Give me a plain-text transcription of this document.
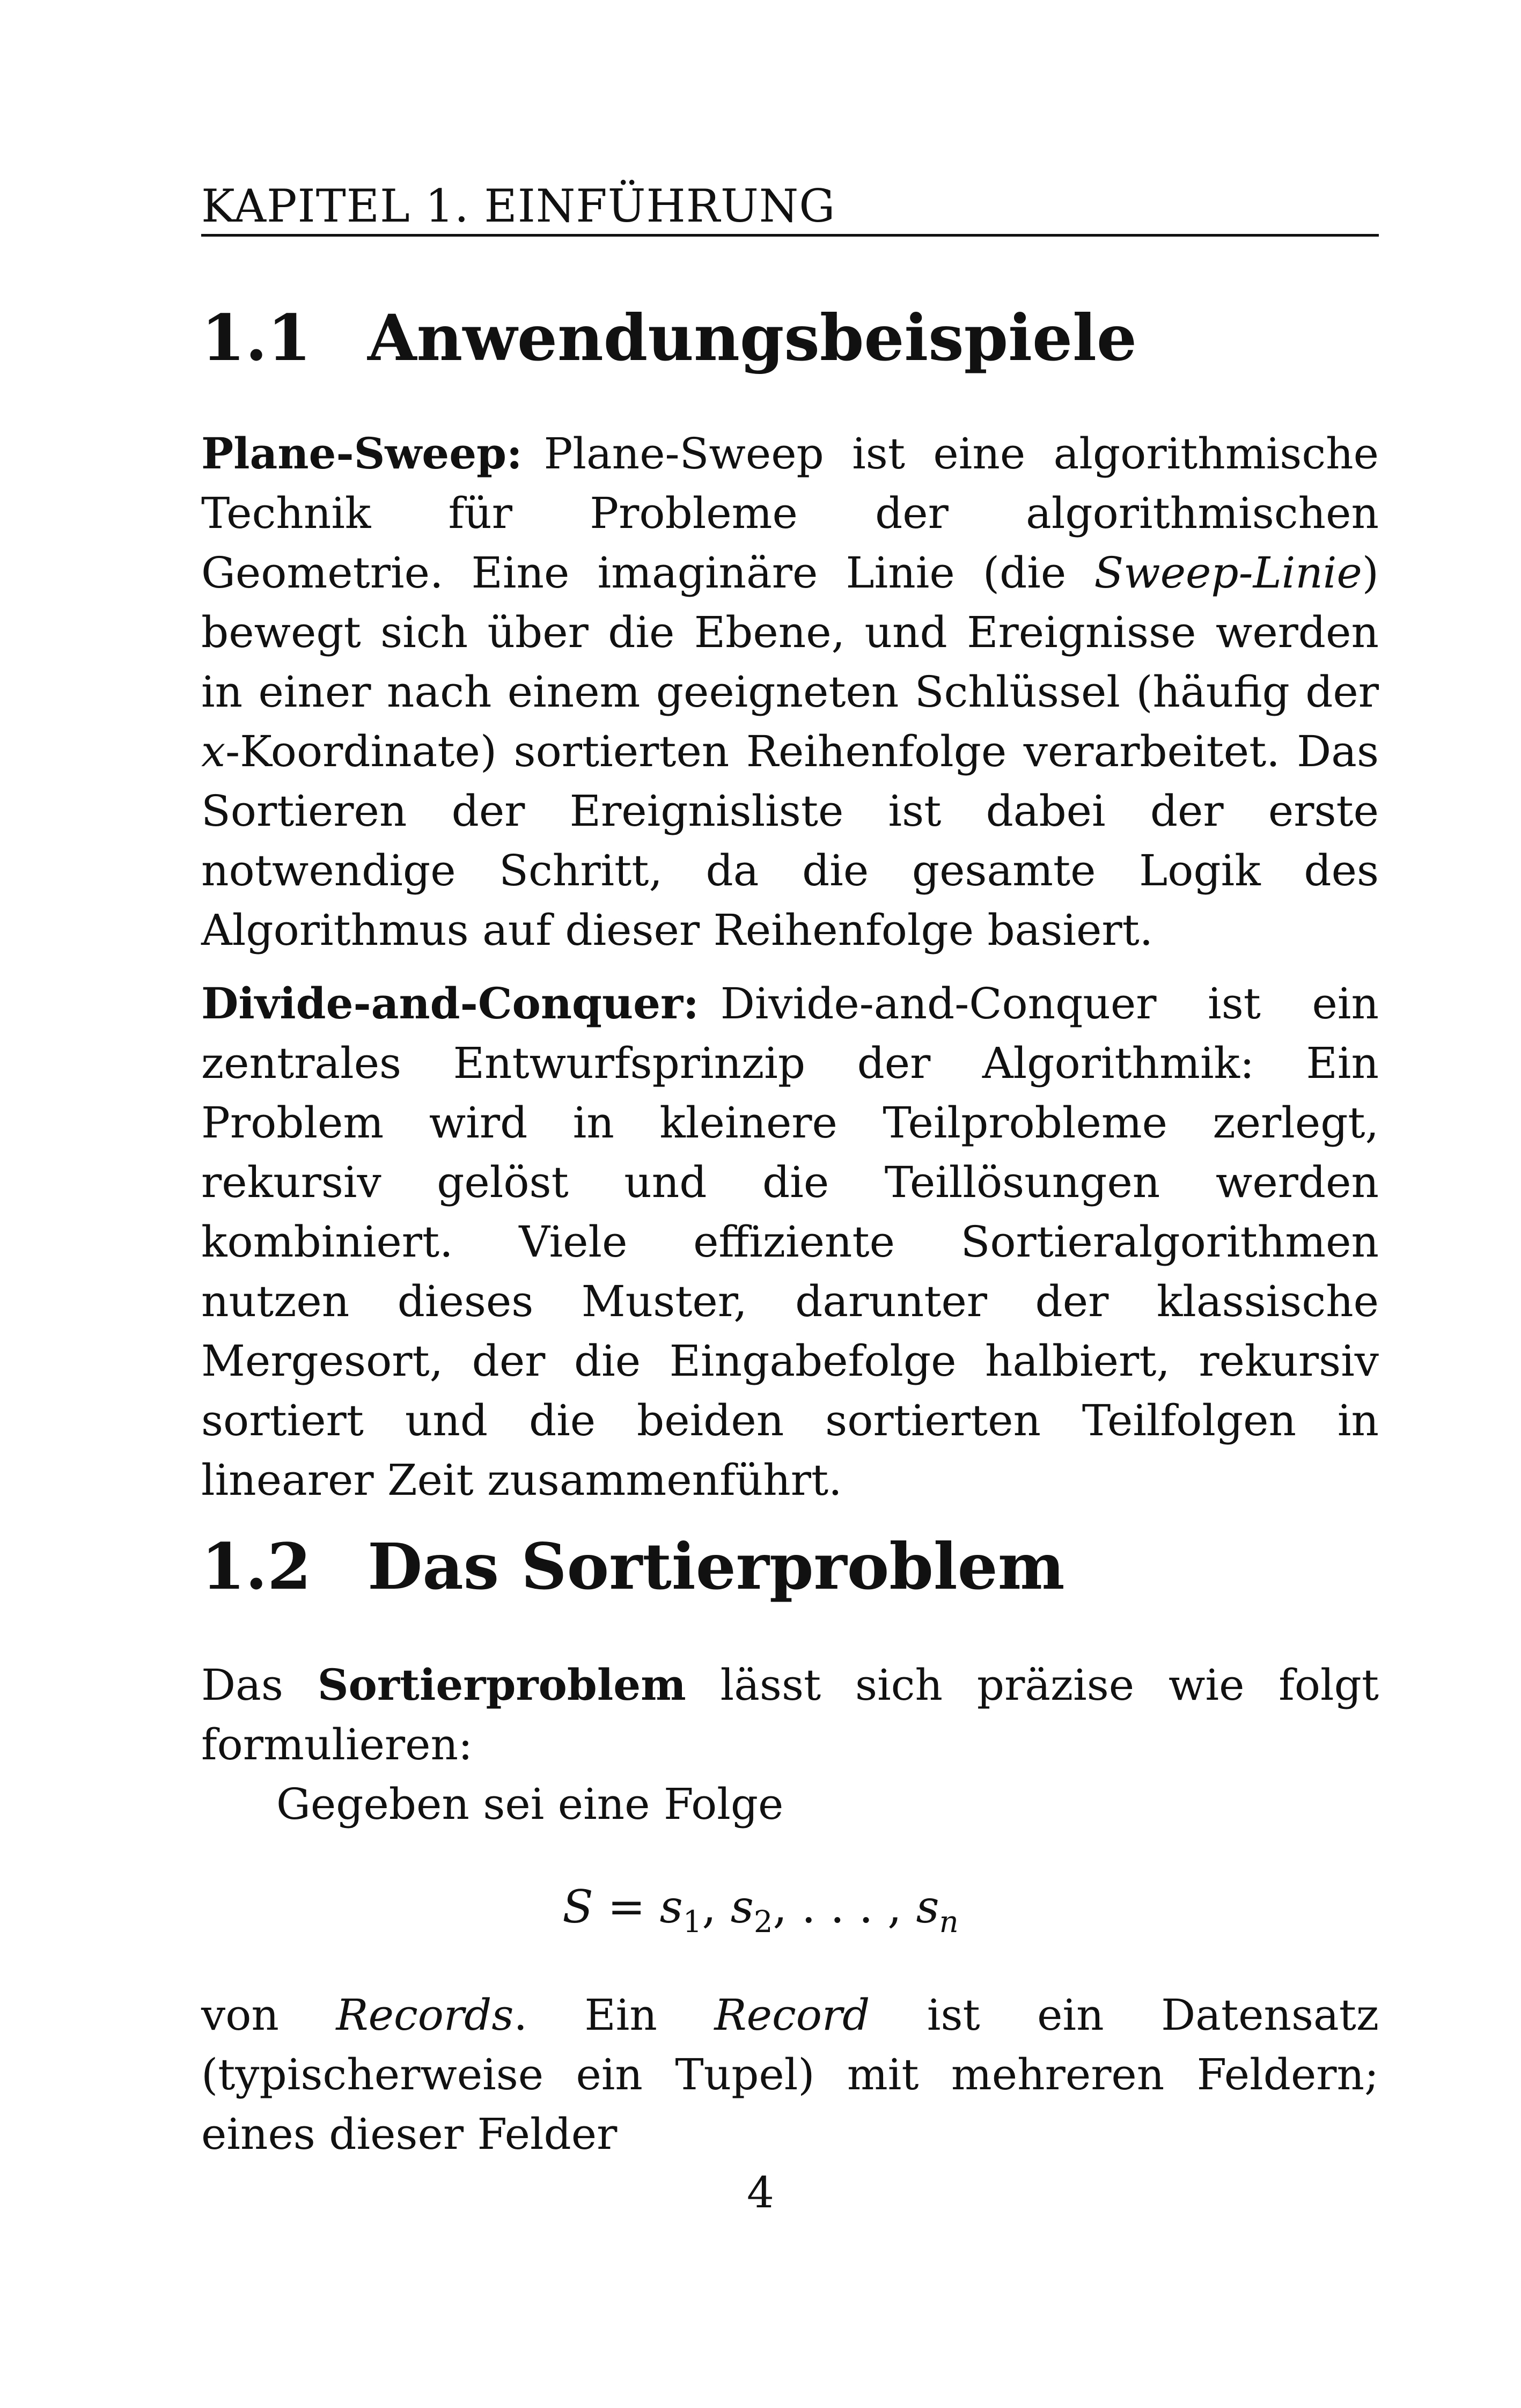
KAPITEL 1. EINFÜHRUNG
1.1 Anwendungsbeispiele
Plane-Sweep: Plane-Sweep ist eine algorithmische Technik für Probleme der algorithmischen Geometrie. Eine imaginäre Linie (die Sweep-Linie) bewegt sich über die Ebene, und Ereignisse werden in einer nach einem geeigneten Schlüssel (häufig der x-Koordinate) sortierten Reihenfolge verarbeitet. Das Sortieren der Ereignisliste ist dabei der erste notwendige Schritt, da die gesamte Logik des Algorithmus auf dieser Reihenfolge basiert.
Divide-and-Conquer: Divide-and-Conquer ist ein zentrales Entwurfsprinzip der Algorithmik: Ein Problem wird in kleinere Teilprobleme zerlegt, rekursiv gelöst und die Teillösungen werden kombiniert. Viele effiziente Sortieralgorithmen nutzen dieses Muster, darunter der klassische Mergesort, der die Eingabefolge halbiert, rekursiv sortiert und die beiden sortierten Teilfolgen in linearer Zeit zusammenführt.
1.2 Das Sortierproblem
Das Sortierproblem lässt sich präzise wie folgt formulieren:
Gegeben sei eine Folge
$S = s_1$, $s_2$, . . . , $s_n$
von Records. Ein Record ist ein Datensatz (typischerweise ein Tupel) mit mehreren Feldern; eines dieser Felder
4
